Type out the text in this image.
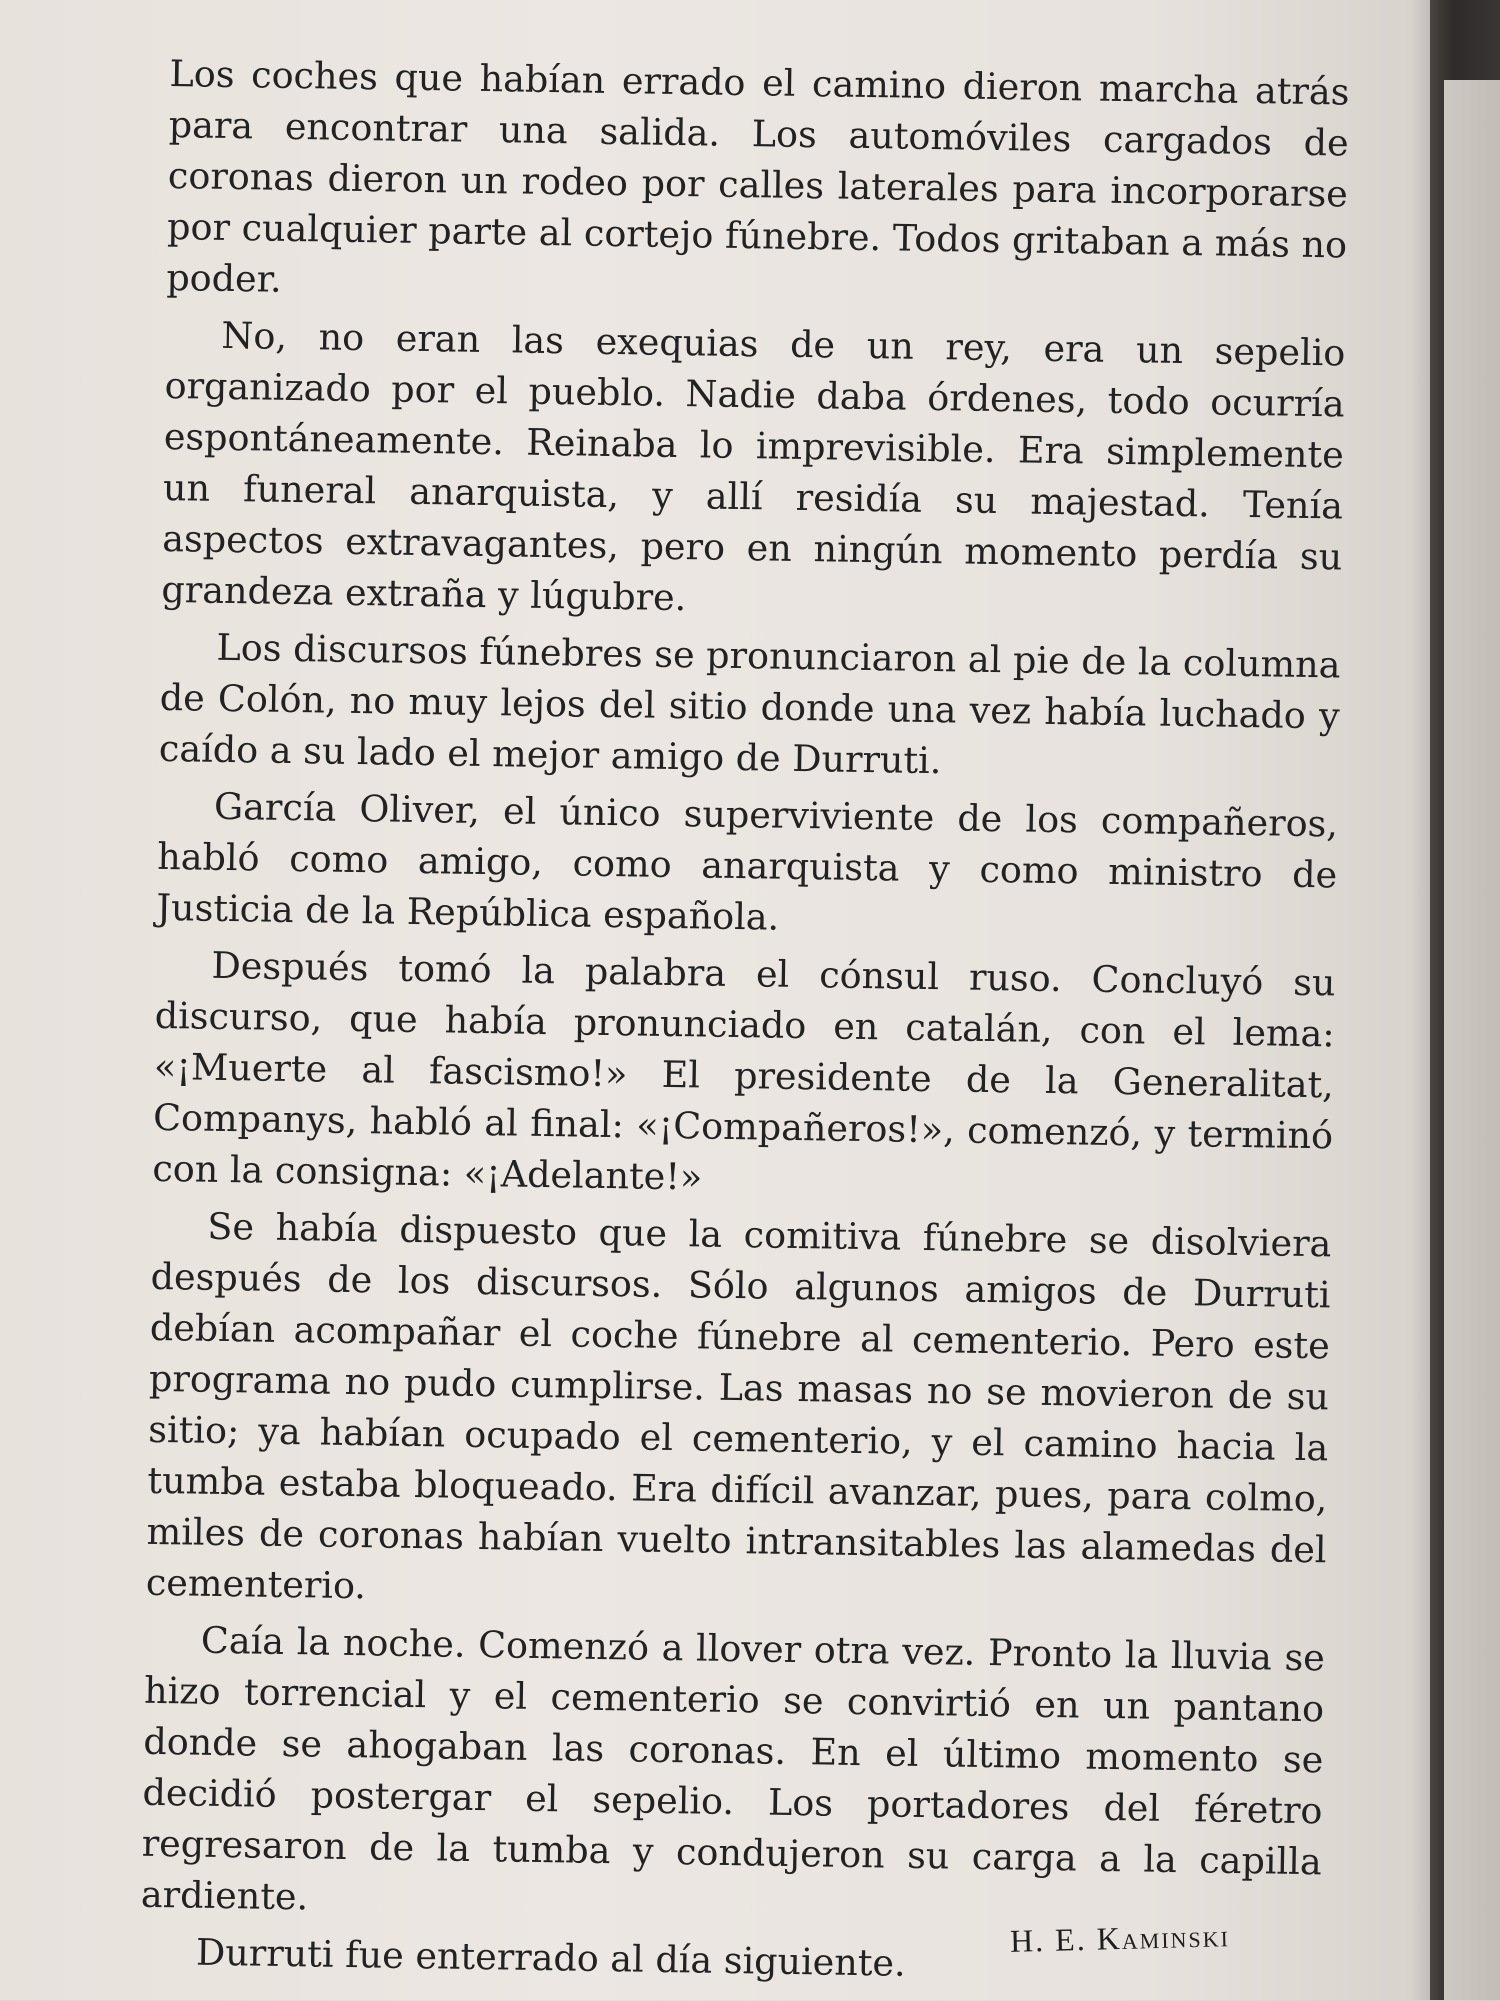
Los coches que habían errado el camino dieron marcha atrás para encontrar una salida. Los automóviles cargados de coronas dieron un rodeo por calles laterales para incorporarse por cualquier parte al cortejo fúnebre. Todos gritaban a más no poder.

No, no eran las exequias de un rey, era un sepelio organizado por el pueblo. Nadie daba órdenes, todo ocurría espontáneamente. Reinaba lo imprevisible. Era simplemente un funeral anarquista, y allí residía su majestad. Tenía aspectos extravagantes, pero en ningún momento perdía su grandeza extraña y lúgubre.

Los discursos fúnebres se pronunciaron al pie de la columna de Colón, no muy lejos del sitio donde una vez había luchado y caído a su lado el mejor amigo de Durruti.

García Oliver, el único superviviente de los compañeros, habló como amigo, como anarquista y como ministro de Justicia de la República española.

Después tomó la palabra el cónsul ruso. Concluyó su discurso, que había pronunciado en catalán, con el lema: «¡Muerte al fascismo!» El presidente de la Generalitat, Companys, habló al final: «¡Compañeros!», comenzó, y terminó con la consigna: «¡Adelante!»

Se había dispuesto que la comitiva fúnebre se disolviera después de los discursos. Sólo algunos amigos de Durruti debían acompañar el coche fúnebre al cementerio. Pero este programa no pudo cumplirse. Las masas no se movieron de su sitio; ya habían ocupado el cementerio, y el camino hacia la tumba estaba bloqueado. Era difícil avanzar, pues, para colmo, miles de coronas habían vuelto intransitables las alamedas del cementerio.

Caía la noche. Comenzó a llover otra vez. Pronto la lluvia se hizo torrencial y el cementerio se convirtió en un pantano donde se ahogaban las coronas. En el último momento se decidió postergar el sepelio. Los portadores del féretro regresaron de la tumba y condujeron su carga a la capilla ardiente.

Durruti fue enterrado al día siguiente.	H. E. Kaminski
